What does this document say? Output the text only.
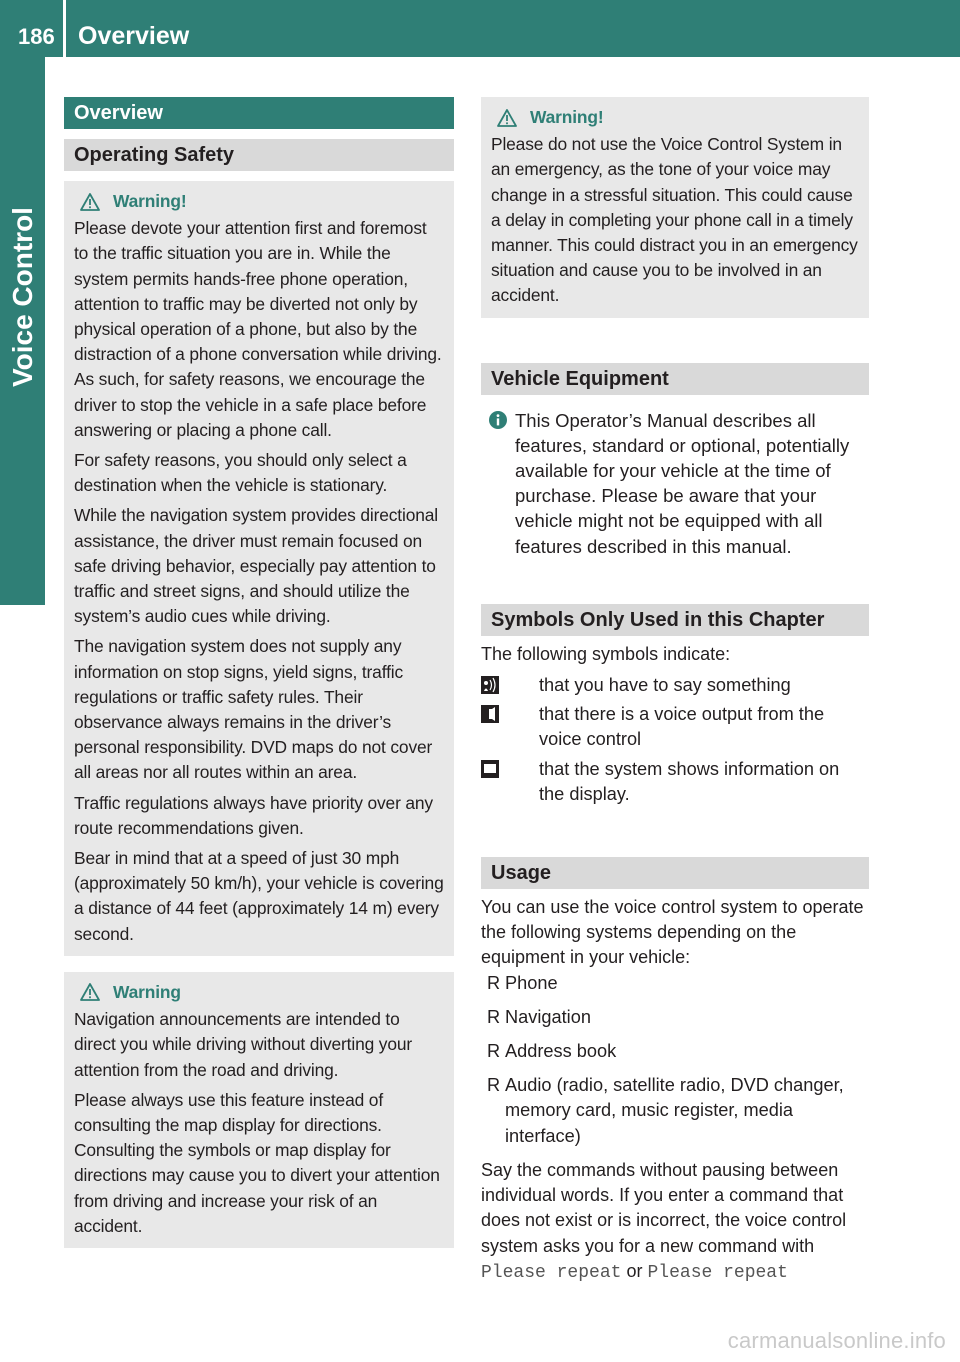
186 Overview
Voice Control
Overview
Operating Safety
Warning!

Please devote your attention first and foremost to the traffic situation you are in. While the system permits hands-free phone operation, attention to traffic may be diverted not only by physical operation of a phone, but also by the distraction of a phone conversation while driving. As such, for safety reasons, we encourage the driver to stop the vehicle in a safe place before answering or placing a phone call.

For safety reasons, you should only select a destination when the vehicle is stationary.

While the navigation system provides directional assistance, the driver must remain focused on safe driving behavior, especially pay attention to traffic and street signs, and should utilize the system’s audio cues while driving.

The navigation system does not supply any information on stop signs, yield signs, traffic regulations or traffic safety rules. Their observance always remains in the driver’s personal responsibility. DVD maps do not cover all areas nor all routes within an area.

Traffic regulations always have priority over any route recommendations given.

Bear in mind that at a speed of just 30 mph (approximately 50 km/h), your vehicle is covering a distance of 44 feet (approximately 14 m) every second.

Warning

Navigation announcements are intended to direct you while driving without diverting your attention from the road and driving.

Please always use this feature instead of consulting the map display for directions. Consulting the symbols or map display for directions may cause you to divert your attention from driving and increase your risk of an accident.

Warning!

Please do not use the Voice Control System in an emergency, as the tone of your voice may change in a stressful situation. This could cause a delay in completing your phone call in a timely manner. This could distract you in an emergency situation and cause you to be involved in an accident.

Vehicle Equipment
This Operator’s Manual describes all features, standard or optional, potentially available for your vehicle at the time of purchase. Please be aware that your vehicle might not be equipped with all features described in this manual.
Symbols Only Used in this Chapter
The following symbols indicate:
that you have to say something
that there is a voice output from the voice control
that the system shows information on the display.
Usage
You can use the voice control system to operate the following systems depending on the equipment in your vehicle:
R Phone
R Navigation
R Address book
R Audio (radio, satellite radio, DVD changer, memory card, music register, media interface)
Say the commands without pausing between individual words. If you enter a command that does not exist or is incorrect, the voice control system asks you for a new command with Please repeat or Please repeat
carmanualsonline.info
